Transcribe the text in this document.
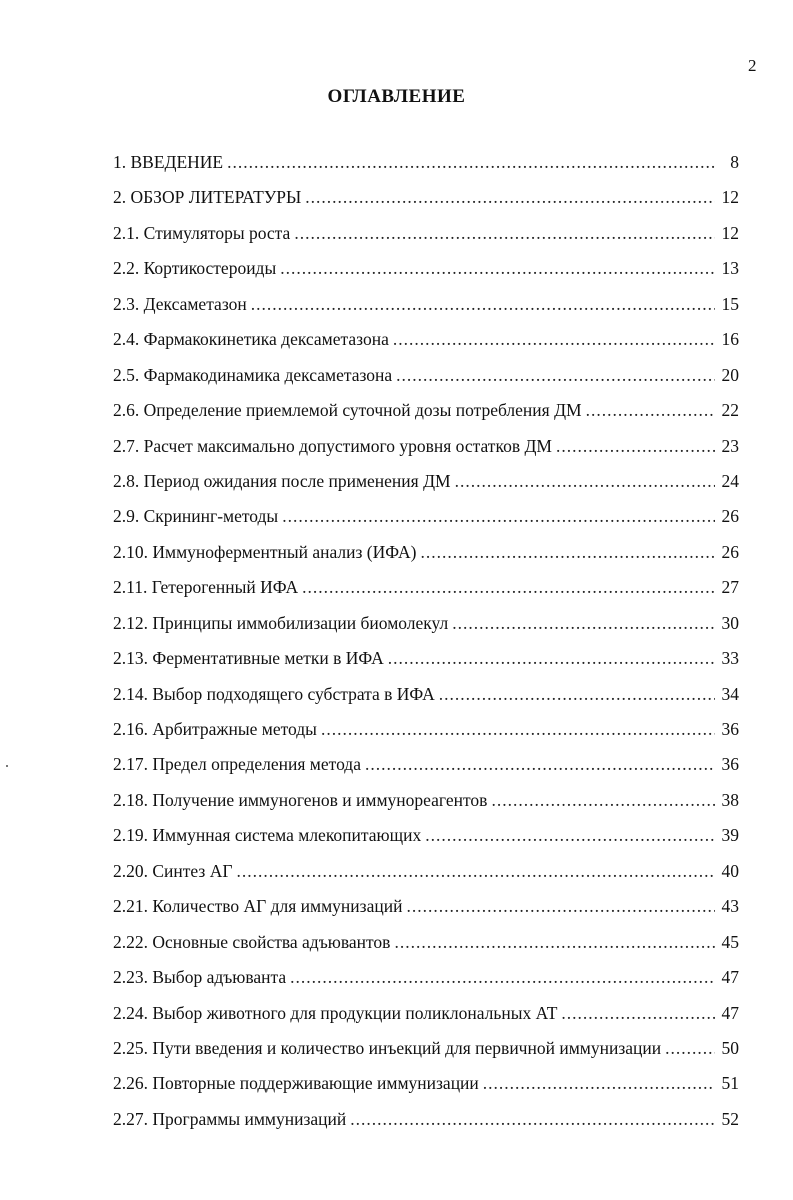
2
ОГЛАВЛЕНИЕ
1. ВВЕДЕНИЕ .....	8
2. ОБЗОР ЛИТЕРАТУРЫ .....	12
2.1. Стимуляторы роста .....	12
2.2. Кортикостероиды .....	13
2.3. Дексаметазон .....	15
2.4. Фармакокинетика дексаметазона .....	16
2.5. Фармакодинамика дексаметазона .....	20
2.6. Определение приемлемой суточной дозы потребления ДМ .....	22
2.7. Расчет максимально допустимого уровня остатков ДМ .....	23
2.8. Период ожидания после применения ДМ .....	24
2.9. Скрининг-методы .....	26
2.10. Иммуноферментный анализ (ИФА) .....	26
2.11. Гетерогенный ИФА .....	27
2.12. Принципы иммобилизации биомолекул .....	30
2.13. Ферментативные метки в ИФА .....	33
2.14. Выбор подходящего субстрата в ИФА .....	34
2.16. Арбитражные методы .....	36
2.17. Предел определения метода .....	36
2.18. Получение иммуногенов и иммунореагентов .....	38
2.19. Иммунная система млекопитающих .....	39
2.20. Синтез АГ .....	40
2.21. Количество АГ для иммунизаций .....	43
2.22. Основные свойства адъювантов .....	45
2.23. Выбор адъюванта .....	47
2.24. Выбор животного для продукции поликлональных АТ .....	47
2.25. Пути введения и количество инъекций для первичной иммунизации .....	50
2.26. Повторные поддерживающие иммунизации .....	51
2.27. Программы иммунизаций .....	52
